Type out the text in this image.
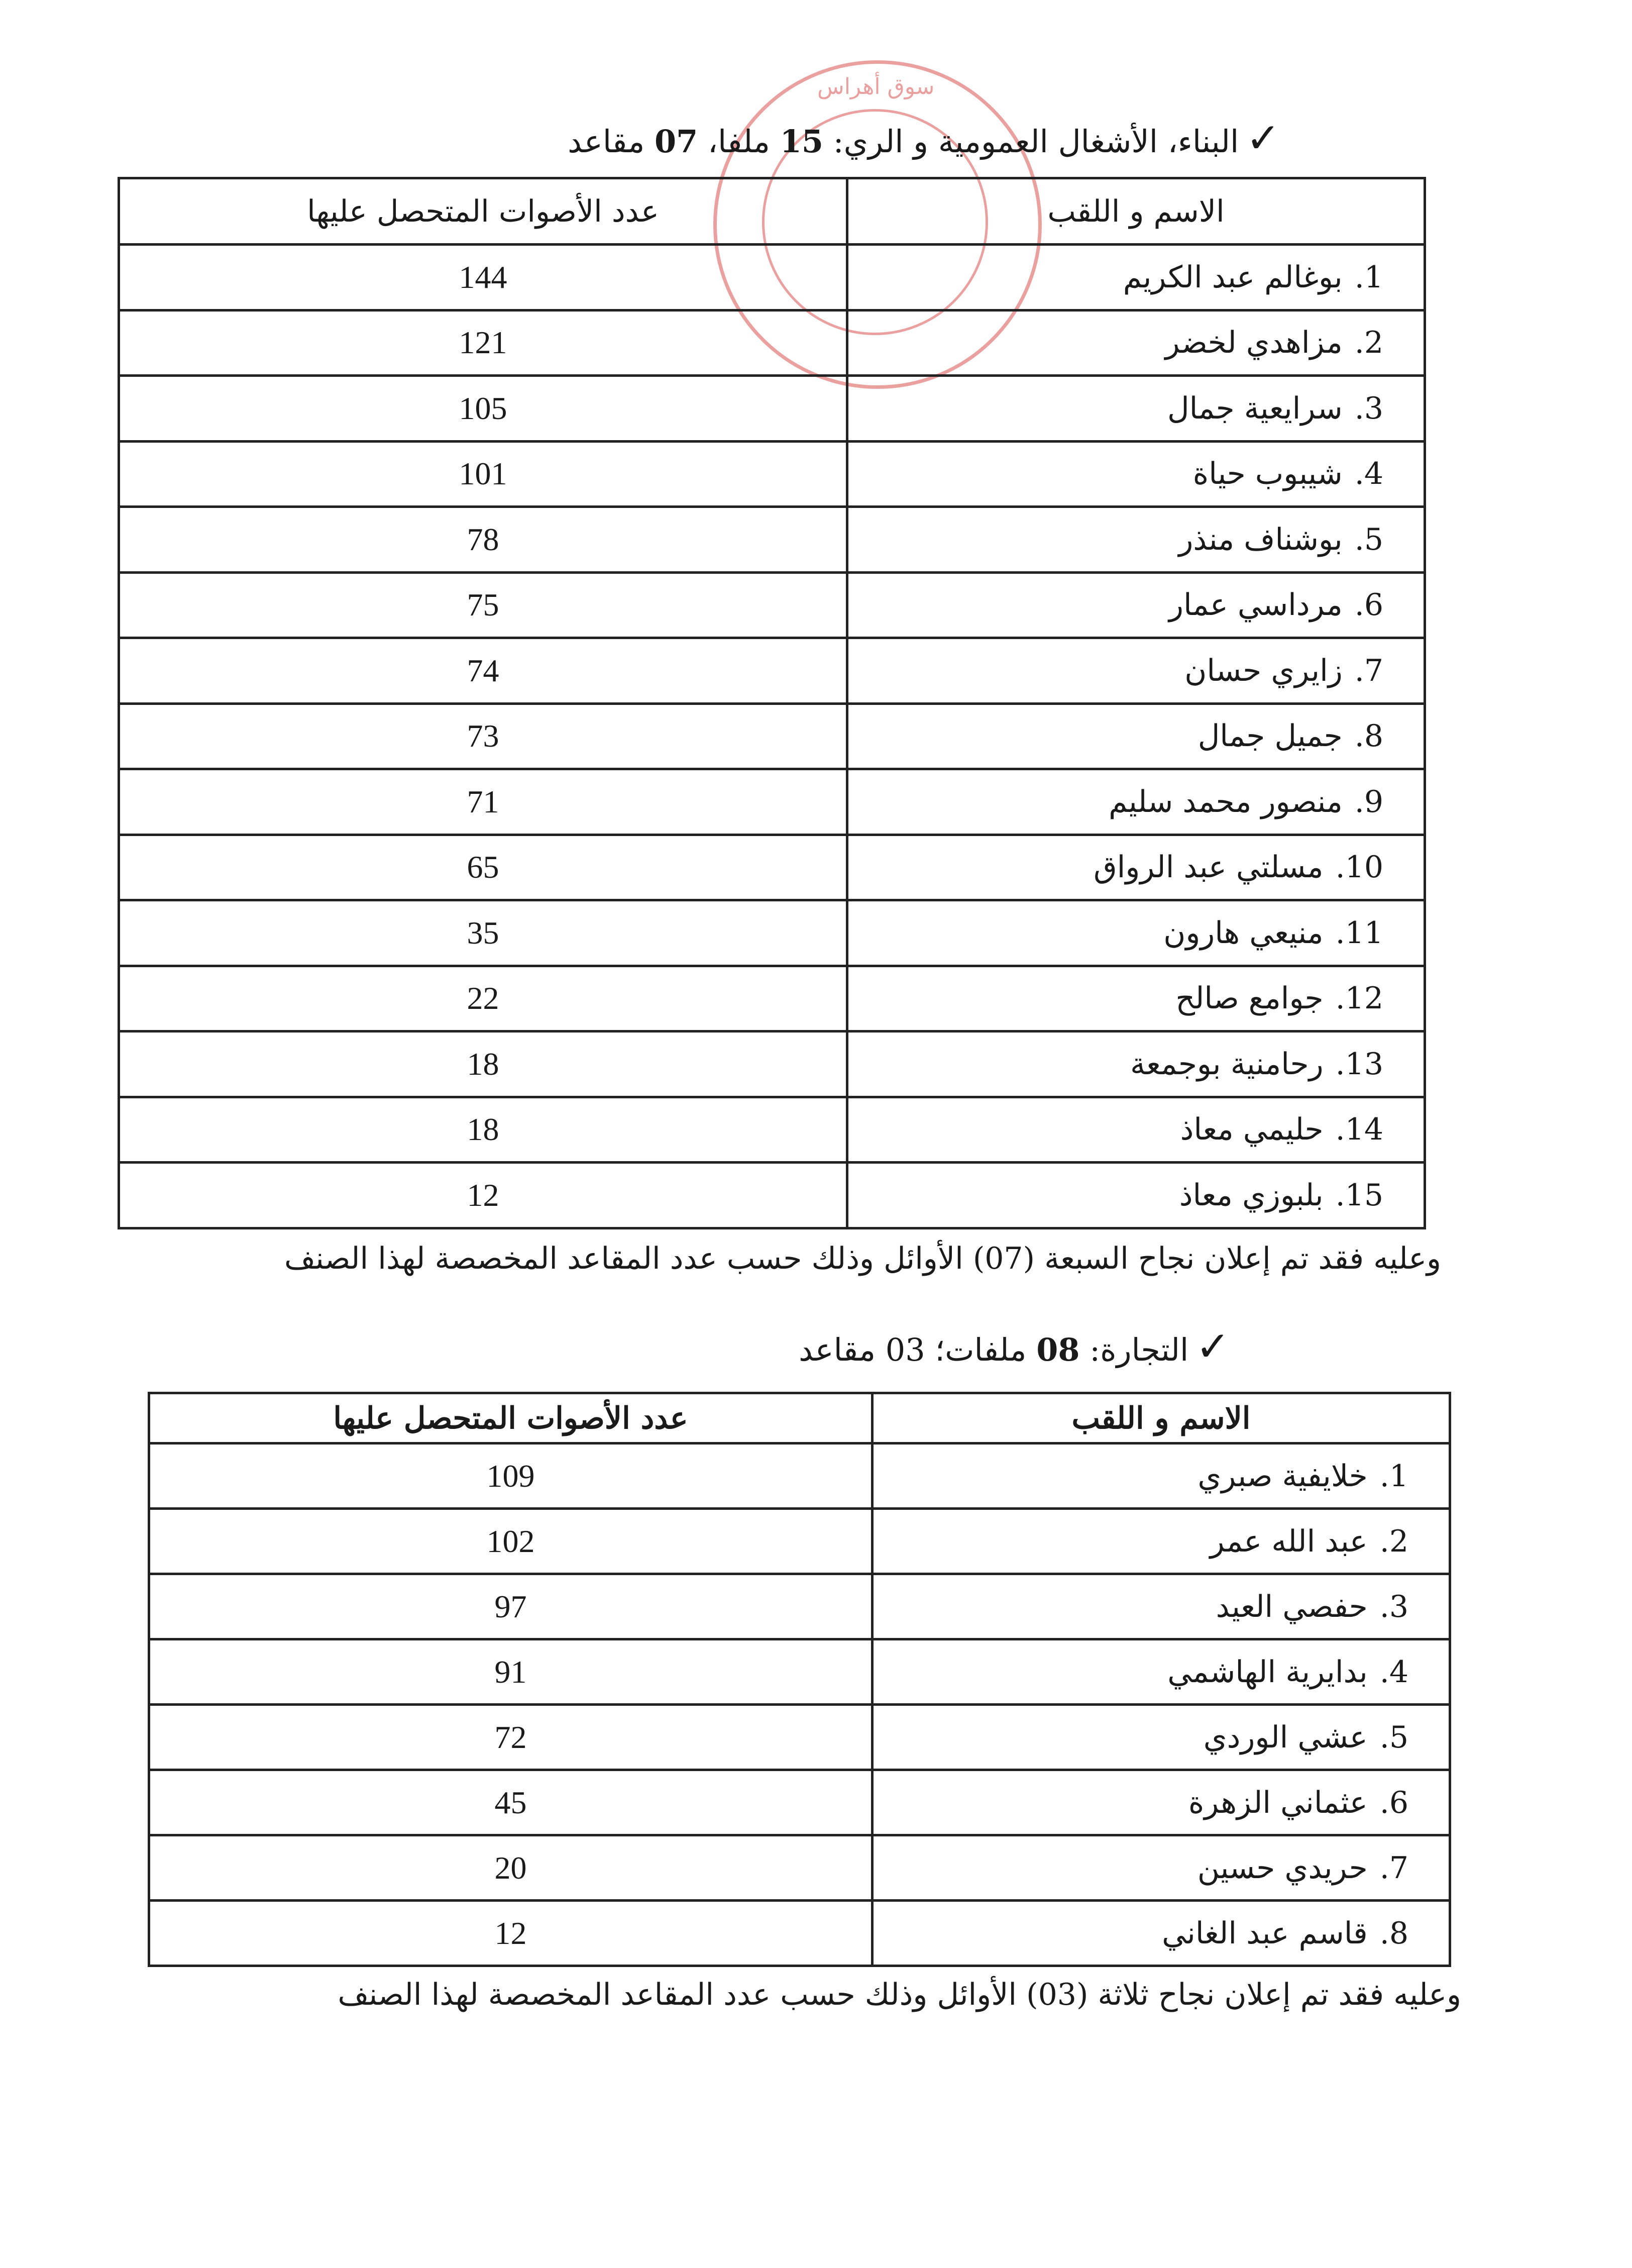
سوق أهراس
✓البناء، الأشغال العمومية و الري: 15 ملفا، 07 مقاعد
الاسم و اللقب	عدد الأصوات المتحصل عليها
1.بوغالم عبد الكريم	144
2.مزاهدي لخضر	121
3.سرايعية جمال	105
4.شيبوب حياة	101
5.بوشناف منذر	78
6.مرداسي عمار	75
7.زايري حسان	74
8.جميل جمال	73
9.منصور محمد سليم	71
10.مسلتي عبد الرواق	65
11.منيعي هارون	35
12.جوامع صالح	22
13.رحامنية بوجمعة	18
14.حليمي معاذ	18
15.بلبوزي معاذ	12
وعليه فقد تم إعلان نجاح السبعة (07) الأوائل وذلك حسب عدد المقاعد المخصصة لهذا الصنف
✓التجارة: 08 ملفات؛ 03 مقاعد
الاسم و اللقب	عدد الأصوات المتحصل عليها
1.خلايفية صبري	109
2.عبد الله عمر	102
3.حفصي العيد	97
4.بدايرية الهاشمي	91
5.عشي الوردي	72
6.عثماني الزهرة	45
7.حريدي حسين	20
8.قاسم عبد الغاني	12
وعليه فقد تم إعلان نجاح ثلاثة (03) الأوائل وذلك حسب عدد المقاعد المخصصة لهذا الصنف
